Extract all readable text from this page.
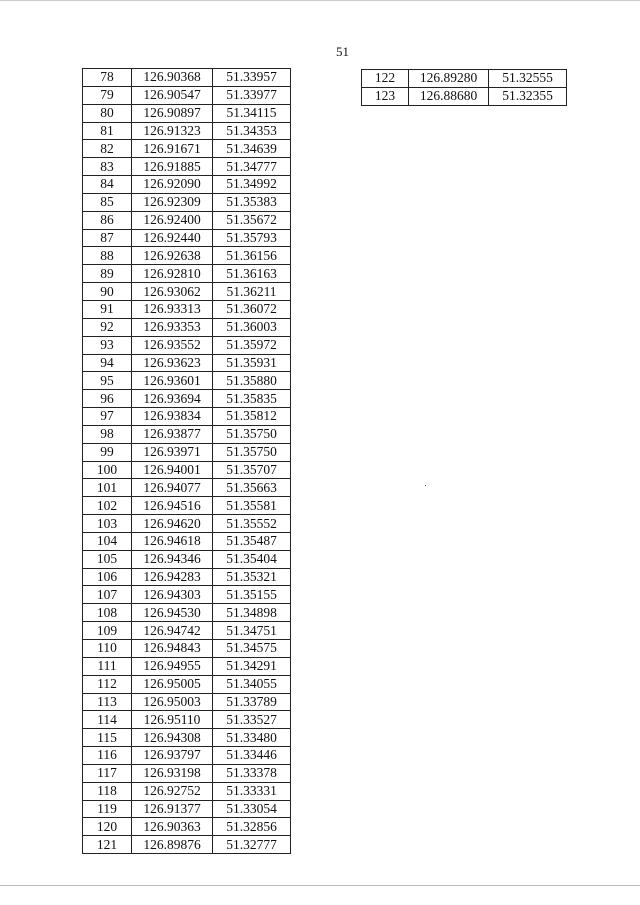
51
78	126.90368	51.33957
79	126.90547	51.33977
80	126.90897	51.34115
81	126.91323	51.34353
82	126.91671	51.34639
83	126.91885	51.34777
84	126.92090	51.34992
85	126.92309	51.35383
86	126.92400	51.35672
87	126.92440	51.35793
88	126.92638	51.36156
89	126.92810	51.36163
90	126.93062	51.36211
91	126.93313	51.36072
92	126.93353	51.36003
93	126.93552	51.35972
94	126.93623	51.35931
95	126.93601	51.35880
96	126.93694	51.35835
97	126.93834	51.35812
98	126.93877	51.35750
99	126.93971	51.35750
100	126.94001	51.35707
101	126.94077	51.35663
102	126.94516	51.35581
103	126.94620	51.35552
104	126.94618	51.35487
105	126.94346	51.35404
106	126.94283	51.35321
107	126.94303	51.35155
108	126.94530	51.34898
109	126.94742	51.34751
110	126.94843	51.34575
111	126.94955	51.34291
112	126.95005	51.34055
113	126.95003	51.33789
114	126.95110	51.33527
115	126.94308	51.33480
116	126.93797	51.33446
117	126.93198	51.33378
118	126.92752	51.33331
119	126.91377	51.33054
120	126.90363	51.32856
121	126.89876	51.32777
122	126.89280	51.32555
123	126.88680	51.32355
